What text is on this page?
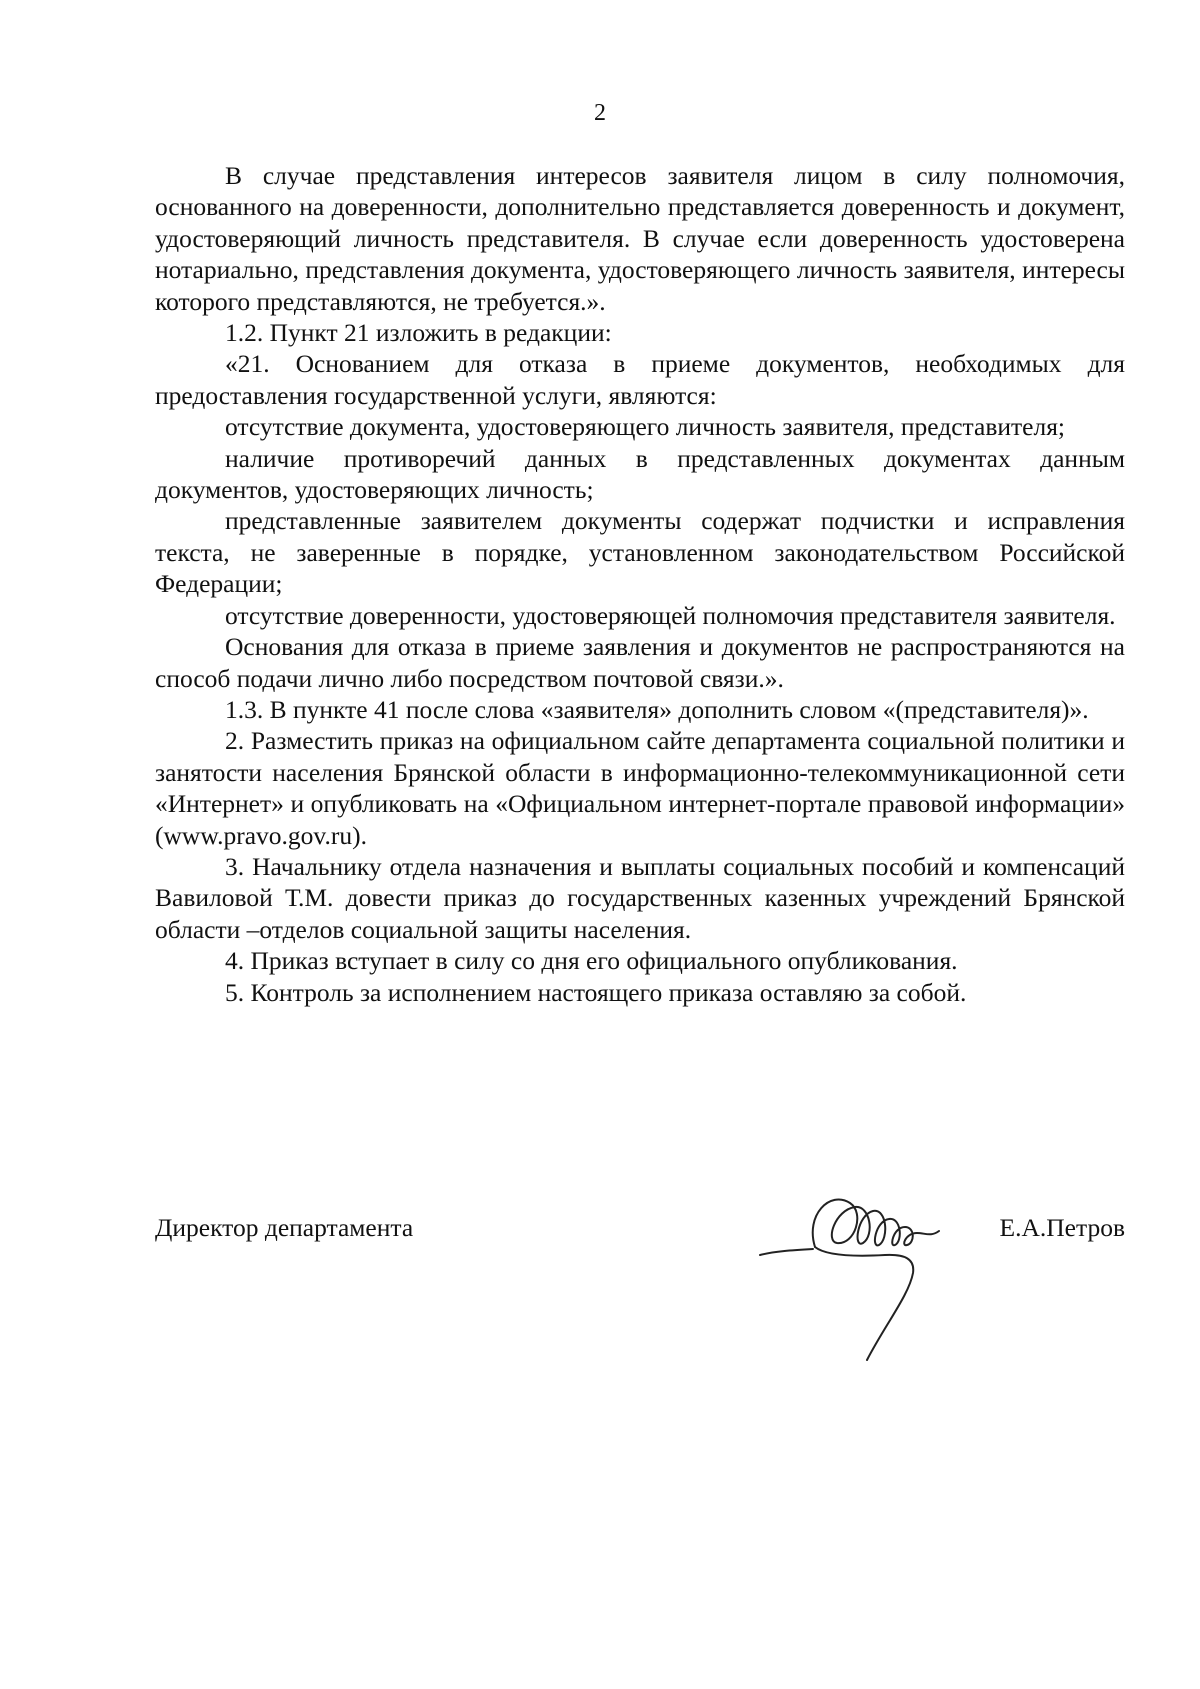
2

В случае представления интересов заявителя лицом в силу полномочия, основанного на доверенности, дополнительно представляется доверенность и документ, удостоверяющий личность представителя. В случае если доверенность удостоверена нотариально, представления документа, удостоверяющего личность заявителя, интересы которого представляются, не требуется.».

1.2. Пункт 21 изложить в редакции:

«21. Основанием для отказа в приеме документов, необходимых для предоставления государственной услуги, являются:

отсутствие документа, удостоверяющего личность заявителя, представителя;

наличие противоречий данных в представленных документах данным документов, удостоверяющих личность;

представленные заявителем документы содержат подчистки и исправления текста, не заверенные в порядке, установленном законодательством Российской Федерации;

отсутствие доверенности, удостоверяющей полномочия представителя заявителя.

Основания для отказа в приеме заявления и документов не распространяются на способ подачи лично либо посредством почтовой связи.».

1.3. В пункте 41 после слова «заявителя» дополнить словом «(представителя)».

2. Разместить приказ на официальном сайте департамента социальной политики и занятости населения Брянской области в информационно-телекоммуникационной сети «Интернет» и опубликовать на «Официальном интернет-портале правовой информации» (www.pravo.gov.ru).

3. Начальнику отдела назначения и выплаты социальных пособий и компенсаций Вавиловой Т.М. довести приказ до государственных казенных учреждений Брянской области –отделов социальной защиты населения.

4. Приказ вступает в силу со дня его официального опубликования.

5. Контроль за исполнением настоящего приказа оставляю за собой.

Директор департамента	Е.А.Петров
